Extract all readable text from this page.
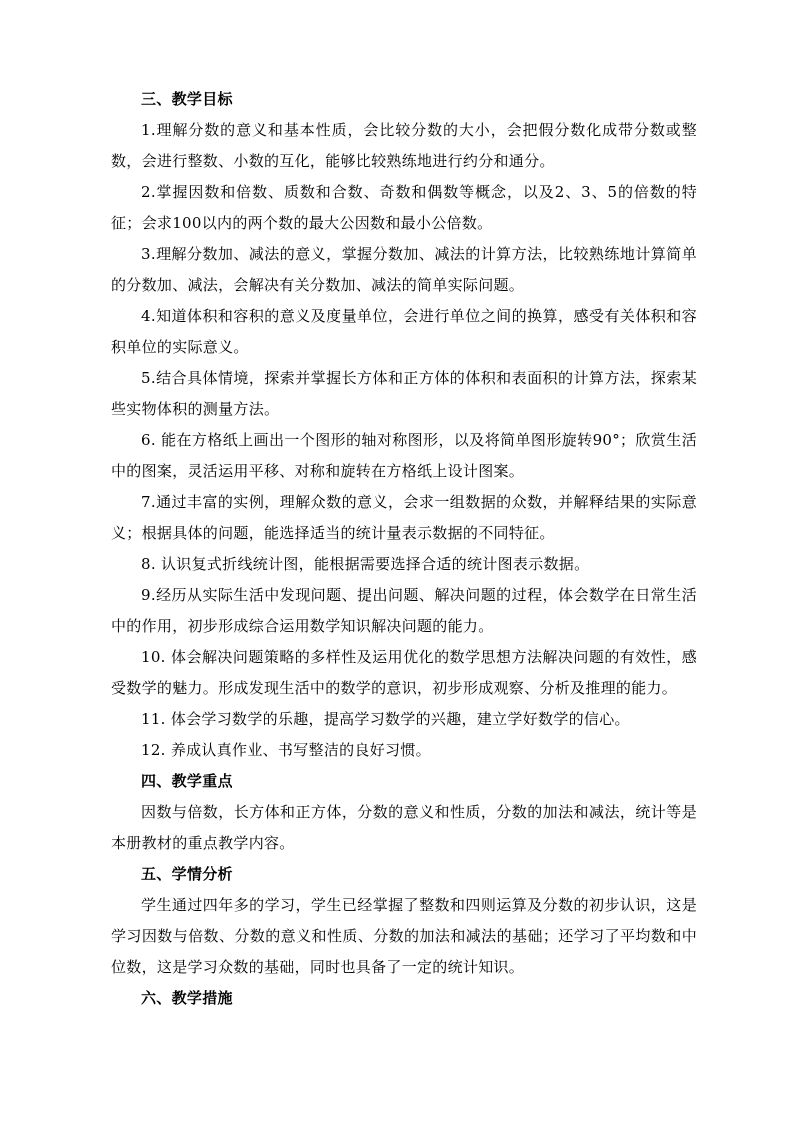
三、教学目标

1.理解分数的意义和基本性质，会比较分数的大小，会把假分数化成带分数或整数，会进行整数、小数的互化，能够比较熟练地进行约分和通分。

2.掌握因数和倍数、质数和合数、奇数和偶数等概念，以及2、3、5的倍数的特征；会求100以内的两个数的最大公因数和最小公倍数。

3.理解分数加、减法的意义，掌握分数加、减法的计算方法，比较熟练地计算简单的分数加、减法，会解决有关分数加、减法的简单实际问题。

4.知道体积和容积的意义及度量单位，会进行单位之间的换算，感受有关体积和容积单位的实际意义。

5.结合具体情境，探索并掌握长方体和正方体的体积和表面积的计算方法，探索某些实物体积的测量方法。

6. 能在方格纸上画出一个图形的轴对称图形，以及将简单图形旋转90°；欣赏生活中的图案，灵活运用平移、对称和旋转在方格纸上设计图案。

7.通过丰富的实例，理解众数的意义，会求一组数据的众数，并解释结果的实际意义；根据具体的问题，能选择适当的统计量表示数据的不同特征。

8. 认识复式折线统计图，能根据需要选择合适的统计图表示数据。

9.经历从实际生活中发现问题、提出问题、解决问题的过程，体会数学在日常生活中的作用，初步形成综合运用数学知识解决问题的能力。

10. 体会解决问题策略的多样性及运用优化的数学思想方法解决问题的有效性，感受数学的魅力。形成发现生活中的数学的意识，初步形成观察、分析及推理的能力。

11. 体会学习数学的乐趣，提高学习数学的兴趣，建立学好数学的信心。

12. 养成认真作业、书写整洁的良好习惯。

四、教学重点

因数与倍数，长方体和正方体，分数的意义和性质，分数的加法和减法，统计等是本册教材的重点教学内容。

五、学情分析

学生通过四年多的学习，学生已经掌握了整数和四则运算及分数的初步认识，这是学习因数与倍数、分数的意义和性质、分数的加法和减法的基础；还学习了平均数和中位数，这是学习众数的基础，同时也具备了一定的统计知识。

六、教学措施
